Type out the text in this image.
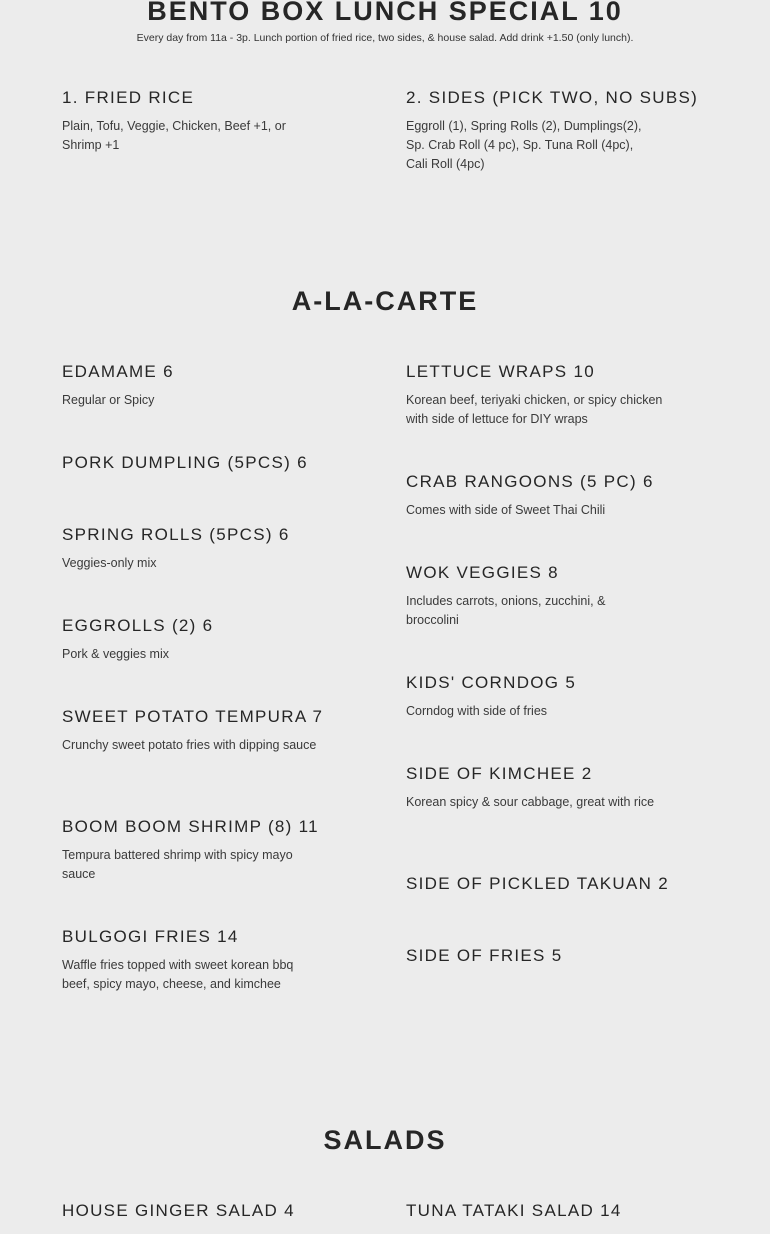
BENTO BOX LUNCH SPECIAL 10

Every day from 11a - 3p. Lunch portion of fried rice, two sides, & house salad. Add drink +1.50 (only lunch).

1. FRIED RICE

Plain, Tofu, Veggie, Chicken, Beef +1, or Shrimp +1

2. SIDES (PICK TWO, NO SUBS)

Eggroll (1), Spring Rolls (2), Dumplings(2), Sp. Crab Roll (4 pc), Sp. Tuna Roll (4pc), Cali Roll (4pc)

A-LA-CARTE
EDAMAME 6

Regular or Spicy

PORK DUMPLING (5PCS) 6
SPRING ROLLS (5PCS) 6

Veggies-only mix

EGGROLLS (2) 6

Pork & veggies mix

SWEET POTATO TEMPURA 7

Crunchy sweet potato fries with dipping sauce

BOOM BOOM SHRIMP (8) 11

Tempura battered shrimp with spicy mayo sauce

BULGOGI FRIES 14

Waffle fries topped with sweet korean bbq beef, spicy mayo, cheese, and kimchee

LETTUCE WRAPS 10

Korean beef, teriyaki chicken, or spicy chicken with side of lettuce for DIY wraps

CRAB RANGOONS (5 PC) 6

Comes with side of Sweet Thai Chili

WOK VEGGIES 8

Includes carrots, onions, zucchini, & broccolini

KIDS' CORNDOG 5

Corndog with side of fries

SIDE OF KIMCHEE 2

Korean spicy & sour cabbage, great with rice

SIDE OF PICKLED TAKUAN 2
SIDE OF FRIES 5
SALADS
HOUSE GINGER SALAD 4	TUNA TATAKI SALAD 14
